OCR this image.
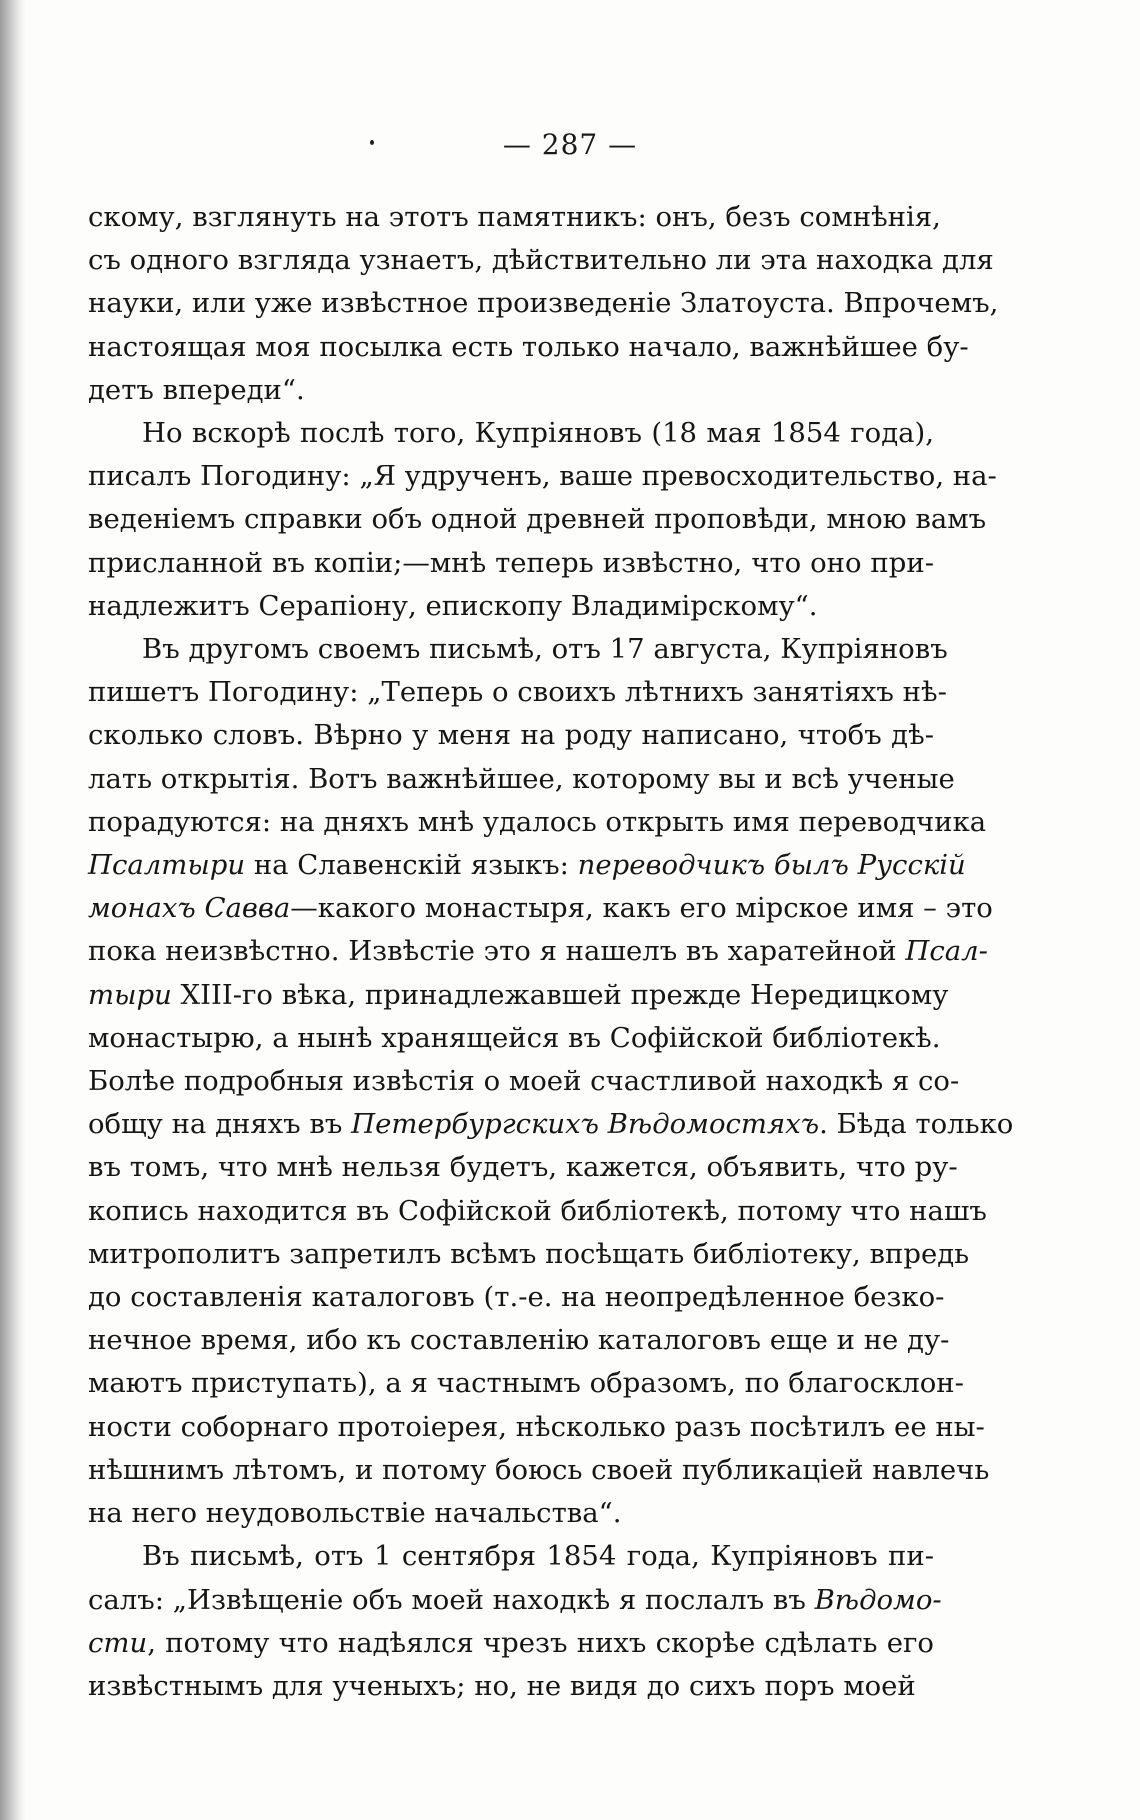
— 287 —

скому, взглянуть на этотъ памятникъ: онъ, безъ сомнѣнія,
съ одного взгляда узнаетъ, дѣйствительно ли эта находка для
науки, или уже извѣстное произведеніе Златоуста. Впрочемъ,
настоящая моя посылка есть только начало, важнѣйшее бу-
детъ впереди“.

Но вскорѣ послѣ того, Купріяновъ (18 мая 1854 года),
писалъ Погодину: „Я удрученъ, ваше превосходительство, на-
веденіемъ справки объ одной древней проповѣди, мною вамъ
присланной въ копіи;—мнѣ теперь извѣстно, что оно при-
надлежитъ Серапіону, епископу Владимірскому“.

Въ другомъ своемъ письмѣ, отъ 17 августа, Купріяновъ
пишетъ Погодину: „Теперь о своихъ лѣтнихъ занятіяхъ нѣ-
сколько словъ. Вѣрно у меня на роду написано, чтобъ дѣ-
лать открытія. Вотъ важнѣйшее, которому вы и всѣ ученые
порадуются: на дняхъ мнѣ удалось открыть имя переводчика
Псалтыри на Славенскій языкъ: переводчикъ былъ Русскій
монахъ Савва—какого монастыря, какъ его мірское имя – это
пока неизвѣстно. Извѣстіе это я нашелъ въ харатейной Псал-
тыри XIII-го вѣка, принадлежавшей прежде Нередицкому
монастырю, а нынѣ хранящейся въ Софійской библіотекѣ.
Болѣе подробныя извѣстія о моей счастливой находкѣ я со-
общу на дняхъ въ Петербургскихъ Вѣдомостяхъ. Бѣда только
въ томъ, что мнѣ нельзя будетъ, кажется, объявить, что ру-
копись находится въ Софійской библіотекѣ, потому что нашъ
митрополитъ запретилъ всѣмъ посѣщать библіотеку, впредь
до составленія каталоговъ (т.-е. на неопредѣленное безко-
нечное время, ибо къ составленію каталоговъ еще и не ду-
маютъ приступать), а я частнымъ образомъ, по благосклон-
ности соборнаго протоіерея, нѣсколько разъ посѣтилъ ее ны-
нѣшнимъ лѣтомъ, и потому боюсь своей публикаціей навлечь
на него неудовольствіе начальства“.

Въ письмѣ, отъ 1 сентября 1854 года, Купріяновъ пи-
салъ: „Извѣщеніе объ моей находкѣ я послалъ въ Вѣдомо-
сти, потому что надѣялся чрезъ нихъ скорѣе сдѣлать его
извѣстнымъ для ученыхъ; но, не видя до сихъ поръ моей
